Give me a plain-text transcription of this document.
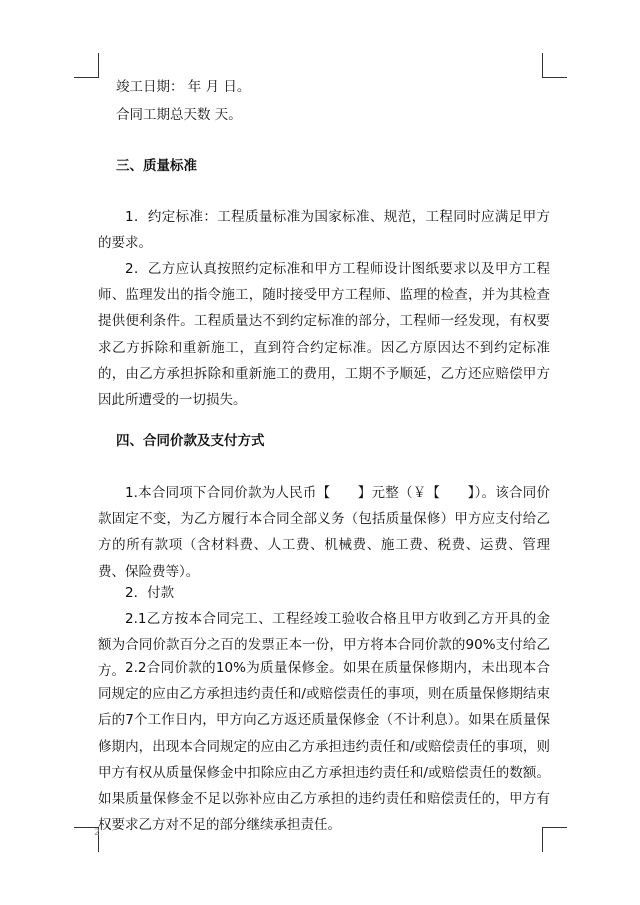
竣工日期： 年 月 日。
合同工期总天数 天。
三、质量标准
1．约定标准：工程质量标准为国家标准、规范，工程同时应满足甲方的要求。
2．乙方应认真按照约定标准和甲方工程师设计图纸要求以及甲方工程师、监理发出的指令施工，随时接受甲方工程师、监理的检查，并为其检查提供便利条件。工程质量达不到约定标准的部分，工程师一经发现，有权要求乙方拆除和重新施工，直到符合约定标准。因乙方原因达不到约定标准的，由乙方承担拆除和重新施工的费用，工期不予顺延，乙方还应赔偿甲方因此所遭受的一切损失。
四、合同价款及支付方式
1.本合同项下合同价款为人民币【　　】元整（￥【　　】）。该合同价款固定不变，为乙方履行本合同全部义务（包括质量保修）甲方应支付给乙方的所有款项（含材料费、人工费、机械费、施工费、税费、运费、管理费、保险费等）。
2．付款
2.1乙方按本合同完工、工程经竣工验收合格且甲方收到乙方开具的金额为合同价款百分之百的发票正本一份，甲方将本合同价款的90%支付给乙方。 2.2合同价款的10%为质量保修金。如果在质量保修期内，未出现本合同规定的应由乙方承担违约责任和/或赔偿责任的事项，则在质量保修期结束后的7个工作日内，甲方向乙方返还质量保修金（不计利息）。如果在质量保修期内，出现本合同规定的应由乙方承担违约责任和/或赔偿责任的事项，则甲方有权从质量保修金中扣除应由乙方承担违约责任和/或赔偿责任的数额。如果质量保修金不足以弥补应由乙方承担的违约责任和赔偿责任的，甲方有权要求乙方对不足的部分继续承担责任。
2
